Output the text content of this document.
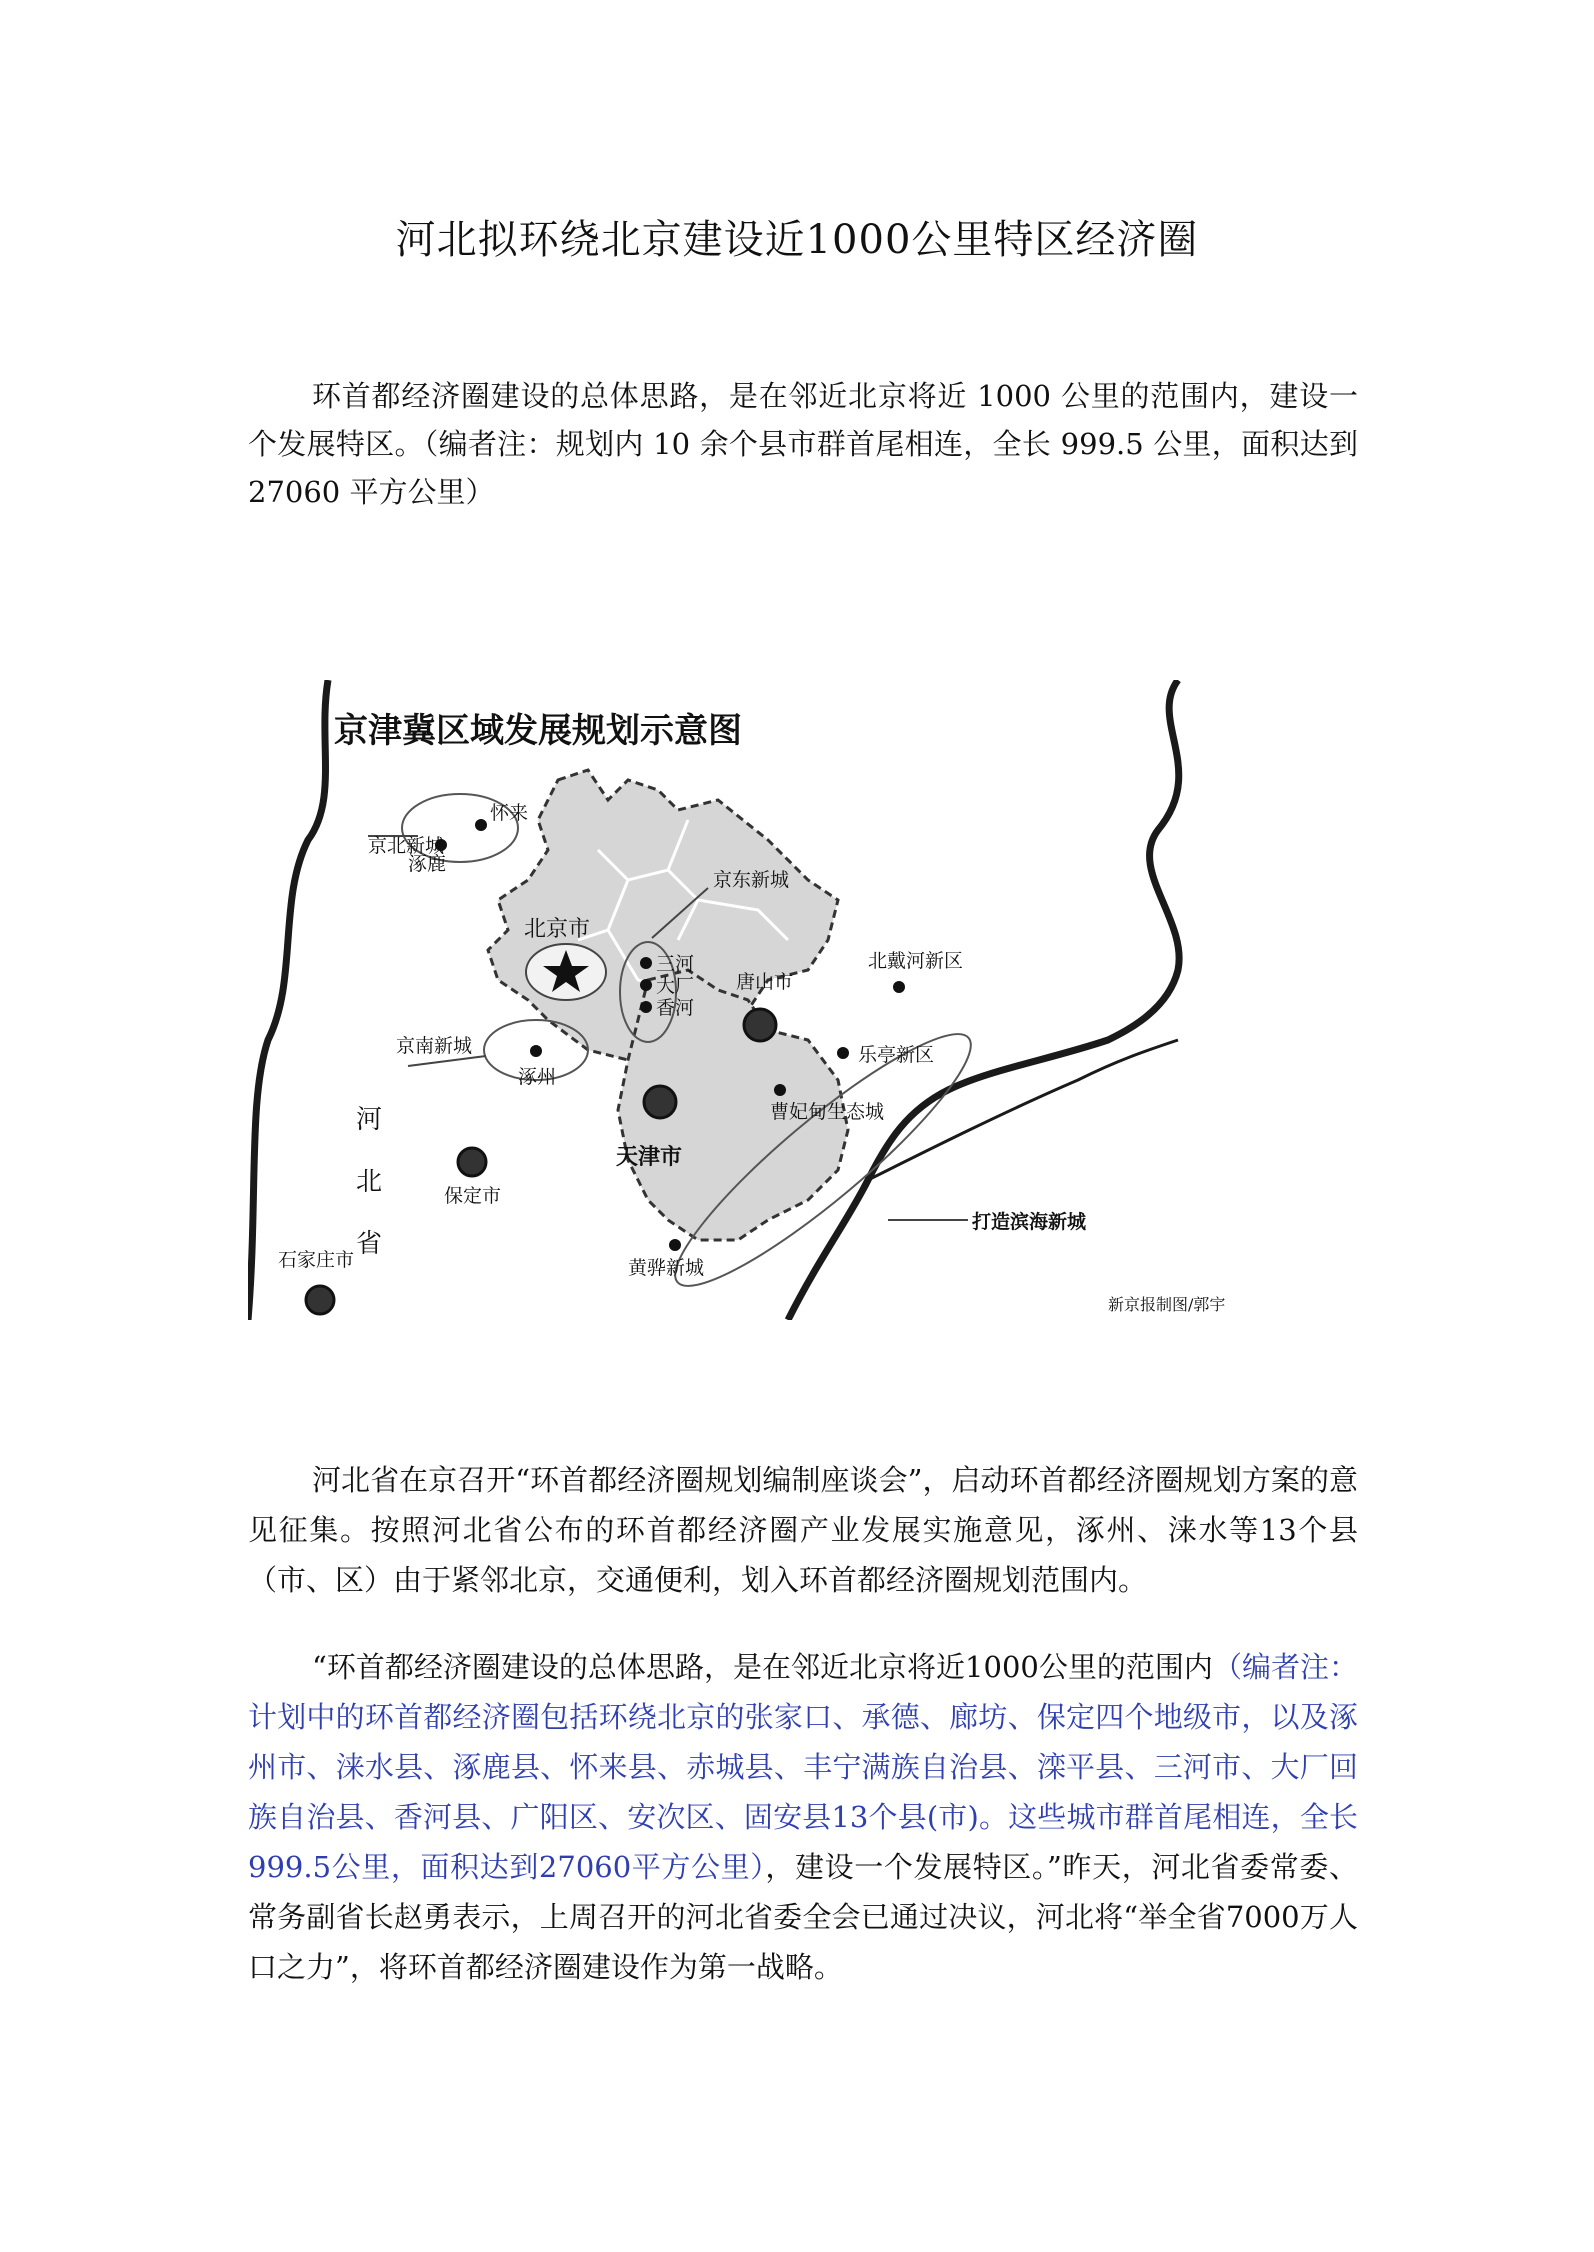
河北拟环绕北京建设近1000公里特区经济圈

环首都经济圈建设的总体思路，是在邻近北京将近 1000 公里的范围内，建设一个发展特区。（编者注：规划内 10 余个县市群首尾相连，全长 999.5 公里，面积达到 27060 平方公里）

京津冀区域发展规划示意图
河
北
省
京北新城
京南新城
京东新城
打造滨海新城
怀来
涿鹿
北京市
涿州
三河
大厂
香河
天津市
唐山市
保定市
石家庄市
北戴河新区
乐亭新区
曹妃甸生态城
黄骅新城
新京报制图/郭宇

河北省在京召开“环首都经济圈规划编制座谈会”，启动环首都经济圈规划方案的意见征集。按照河北省公布的环首都经济圈产业发展实施意见，涿州、涞水等13个县（市、区）由于紧邻北京，交通便利，划入环首都经济圈规划范围内。

“环首都经济圈建设的总体思路，是在邻近北京将近1000公里的范围内（编者注：计划中的环首都经济圈包括环绕北京的张家口、承德、廊坊、保定四个地级市，以及涿州市、涞水县、涿鹿县、怀来县、赤城县、丰宁满族自治县、滦平县、三河市、大厂回族自治县、香河县、广阳区、安次区、固安县13个县(市)。这些城市群首尾相连，全长999.5公里，面积达到27060平方公里），建设一个发展特区。”昨天，河北省委常委、常务副省长赵勇表示，上周召开的河北省委全会已通过决议，河北将“举全省7000万人口之力”，将环首都经济圈建设作为第一战略。
